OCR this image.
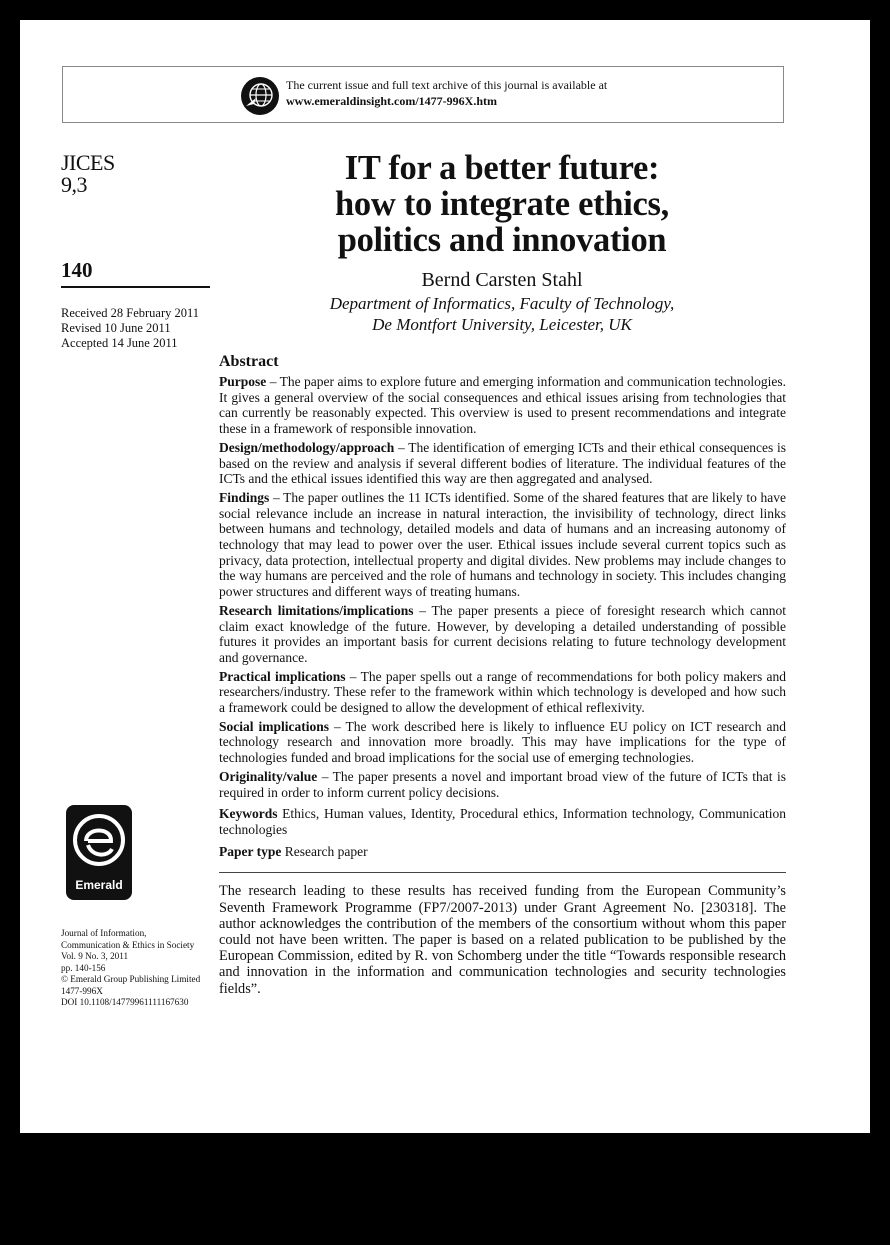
The current issue and full text archive of this journal is available at
www.emeraldinsight.com/1477-996X.htm
JICES
9,3
140
Received 28 February 2011
Revised 10 June 2011
Accepted 14 June 2011
Emerald
Journal of Information,
Communication & Ethics in Society
Vol. 9 No. 3, 2011
pp. 140-156
© Emerald Group Publishing Limited
1477-996X
DOI 10.1108/14779961111167630
IT for a better future:
how to integrate ethics,
politics and innovation
Bernd Carsten Stahl
Department of Informatics, Faculty of Technology,
De Montfort University, Leicester, UK
Abstract

Purpose – The paper aims to explore future and emerging information and communication technologies. It gives a general overview of the social consequences and ethical issues arising from technologies that can currently be reasonably expected. This overview is used to present recommendations and integrate these in a framework of responsible innovation.

Design/methodology/approach – The identification of emerging ICTs and their ethical consequences is based on the review and analysis if several different bodies of literature. The individual features of the ICTs and the ethical issues identified this way are then aggregated and analysed.

Findings – The paper outlines the 11 ICTs identified. Some of the shared features that are likely to have social relevance include an increase in natural interaction, the invisibility of technology, direct links between humans and technology, detailed models and data of humans and an increasing autonomy of technology that may lead to power over the user. Ethical issues include several current topics such as privacy, data protection, intellectual property and digital divides. New problems may include changes to the way humans are perceived and the role of humans and technology in society. This includes changing power structures and different ways of treating humans.

Research limitations/implications – The paper presents a piece of foresight research which cannot claim exact knowledge of the future. However, by developing a detailed understanding of possible futures it provides an important basis for current decisions relating to future technology development and governance.

Practical implications – The paper spells out a range of recommendations for both policy makers and researchers/industry. These refer to the framework within which technology is developed and how such a framework could be designed to allow the development of ethical reflexivity.

Social implications – The work described here is likely to influence EU policy on ICT research and technology research and innovation more broadly. This may have implications for the type of technologies funded and broad implications for the social use of emerging technologies.

Originality/value – The paper presents a novel and important broad view of the future of ICTs that is required in order to inform current policy decisions.

Keywords Ethics, Human values, Identity, Procedural ethics, Information technology, Communication technologies

Paper type Research paper

The research leading to these results has received funding from the European Community’s Seventh Framework Programme (FP7/2007-2013) under Grant Agreement No. [230318]. The author acknowledges the contribution of the members of the consortium without whom this paper could not have been written. The paper is based on a related publication to be published by the European Commission, edited by R. von Schomberg under the title “Towards responsible research and innovation in the information and communication technologies and security technologies fields”.
